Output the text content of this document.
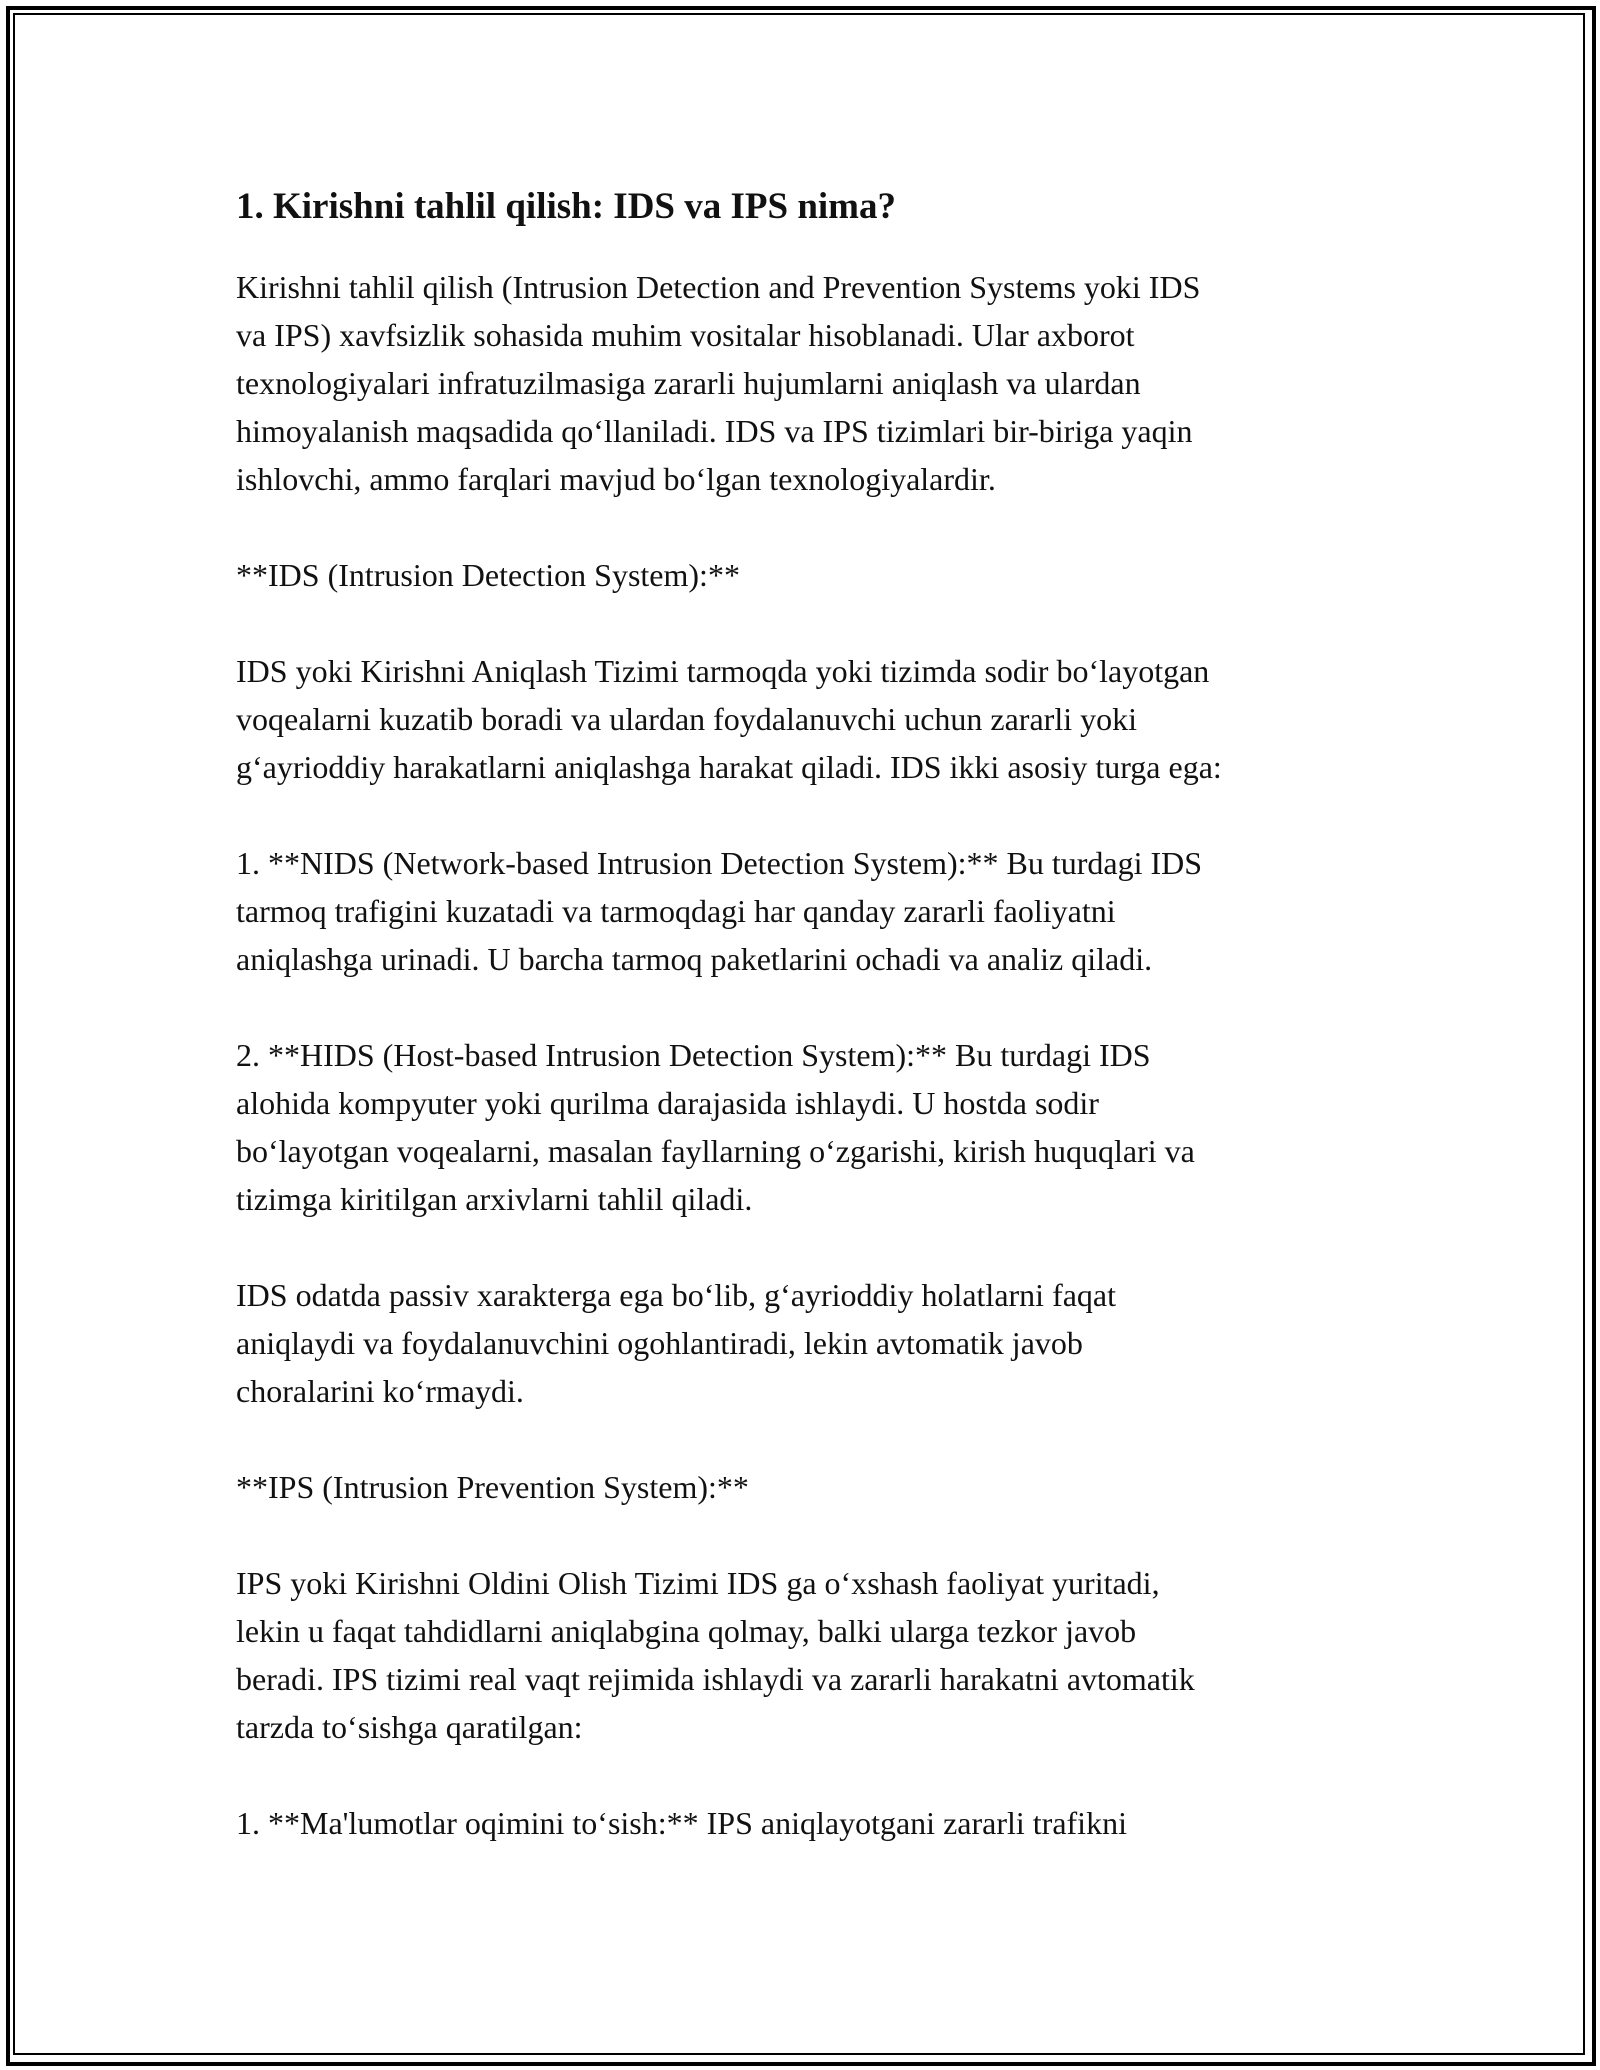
1. Kirishni tahlil qilish: IDS va IPS nima?
Kirishni tahlil qilish (Intrusion Detection and Prevention Systems yoki IDS
va IPS) xavfsizlik sohasida muhim vositalar hisoblanadi. Ular axborot
texnologiyalari infratuzilmasiga zararli hujumlarni aniqlash va ulardan
himoyalanish maqsadida qo‘llaniladi. IDS va IPS tizimlari bir-biriga yaqin
ishlovchi, ammo farqlari mavjud bo‘lgan texnologiyalardir.
**IDS (Intrusion Detection System):**
IDS yoki Kirishni Aniqlash Tizimi tarmoqda yoki tizimda sodir bo‘layotgan
voqealarni kuzatib boradi va ulardan foydalanuvchi uchun zararli yoki
g‘ayrioddiy harakatlarni aniqlashga harakat qiladi. IDS ikki asosiy turga ega:
1. **NIDS (Network-based Intrusion Detection System):** Bu turdagi IDS
tarmoq trafigini kuzatadi va tarmoqdagi har qanday zararli faoliyatni
aniqlashga urinadi. U barcha tarmoq paketlarini ochadi va analiz qiladi.
2. **HIDS (Host-based Intrusion Detection System):** Bu turdagi IDS
alohida kompyuter yoki qurilma darajasida ishlaydi. U hostda sodir
bo‘layotgan voqealarni, masalan fayllarning o‘zgarishi, kirish huquqlari va
tizimga kiritilgan arxivlarni tahlil qiladi.
IDS odatda passiv xarakterga ega bo‘lib, g‘ayrioddiy holatlarni faqat
aniqlaydi va foydalanuvchini ogohlantiradi, lekin avtomatik javob
choralarini ko‘rmaydi.
**IPS (Intrusion Prevention System):**
IPS yoki Kirishni Oldini Olish Tizimi IDS ga o‘xshash faoliyat yuritadi,
lekin u faqat tahdidlarni aniqlabgina qolmay, balki ularga tezkor javob
beradi. IPS tizimi real vaqt rejimida ishlaydi va zararli harakatni avtomatik
tarzda to‘sishga qaratilgan:
1. **Ma'lumotlar oqimini to‘sish:** IPS aniqlayotgani zararli trafikni
